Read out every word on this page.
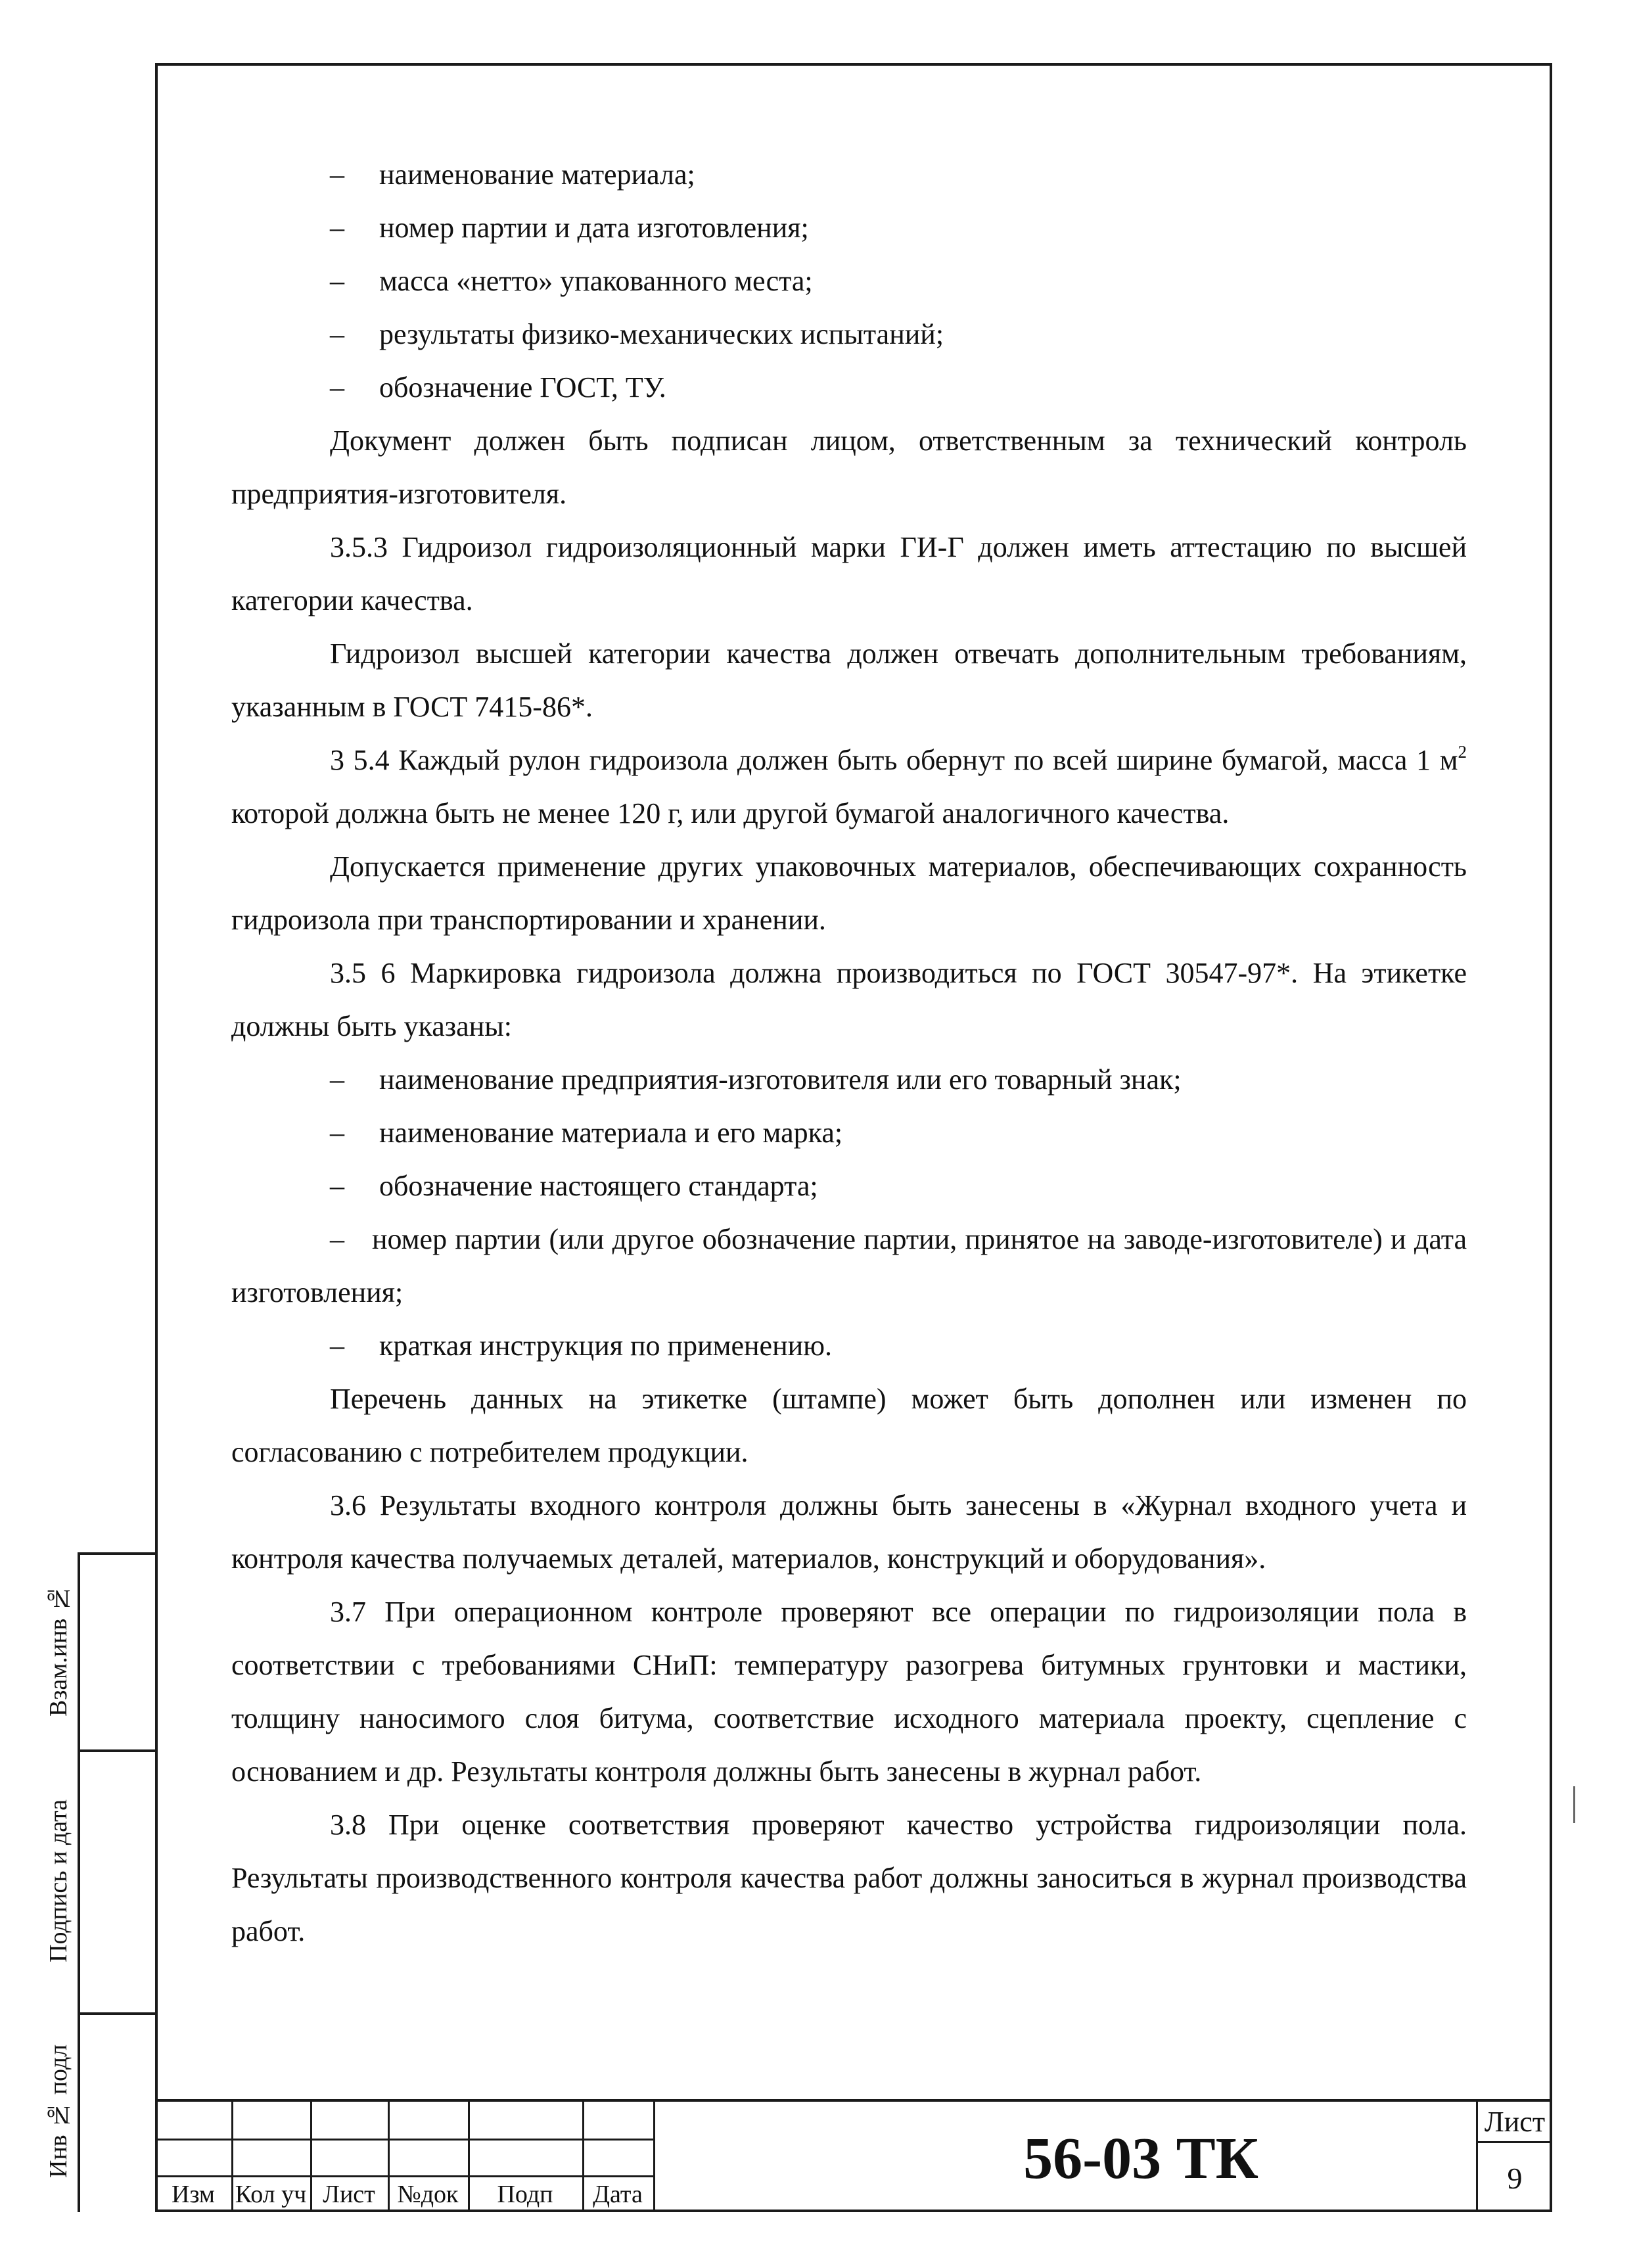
– наименование материала;

– номер партии и дата изготовления;

– масса «нетто» упакованного места;

– результаты физико-механических испытаний;

– обозначение ГОСТ, ТУ.

Документ должен быть подписан лицом, ответственным за технический контроль предприятия-изготовителя.

3.5.3 Гидроизол гидроизоляционный марки ГИ-Г должен иметь аттестацию по высшей категории качества.

Гидроизол высшей категории качества должен отвечать дополнительным требованиям, указанным в ГОСТ 7415-86*.

3 5.4 Каждый рулон гидроизола должен быть обернут по всей ширине бумагой, масса 1 $м^2$ которой должна быть не менее 120 г, или другой бумагой аналогичного качества.

Допускается применение других упаковочных материалов, обеспечивающих сохранность гидроизола при транспортировании и хранении.

3.5 6 Маркировка гидроизола должна производиться по ГОСТ 30547-97*. На этикетке должны быть указаны:

– наименование предприятия-изготовителя или его товарный знак;

– наименование материала и его марка;

– обозначение настоящего стандарта;

– номер партии (или другое обозначение партии, принятое на заводе-изготовителе) и дата изготовления;

– краткая инструкция по применению.

Перечень данных на этикетке (штампе) может быть дополнен или изменен по согласованию с потребителем продукции.

3.6 Результаты входного контроля должны быть занесены в «Журнал входного учета и контроля качества получаемых деталей, материалов, конструкций и оборудования».

3.7 При операционном контроле проверяют все операции по гидроизоляции пола в соответствии с требованиями СНиП: температуру разогрева битумных грунтовки и мастики, толщину наносимого слоя битума, соответствие исходного материала проекту, сцепление с основанием и др. Результаты контроля должны быть занесены в журнал работ.

3.8 При оценке соответствия проверяют качество устройства гидроизоляции пола. Результаты производственного контроля качества работ должны заноситься в журнал производства работ.

Взам.инв №
Подпись и дата
Инв № подл
Изм Кол уч Лист №док	Подп	Дата
56-03 ТК
Лист
9
